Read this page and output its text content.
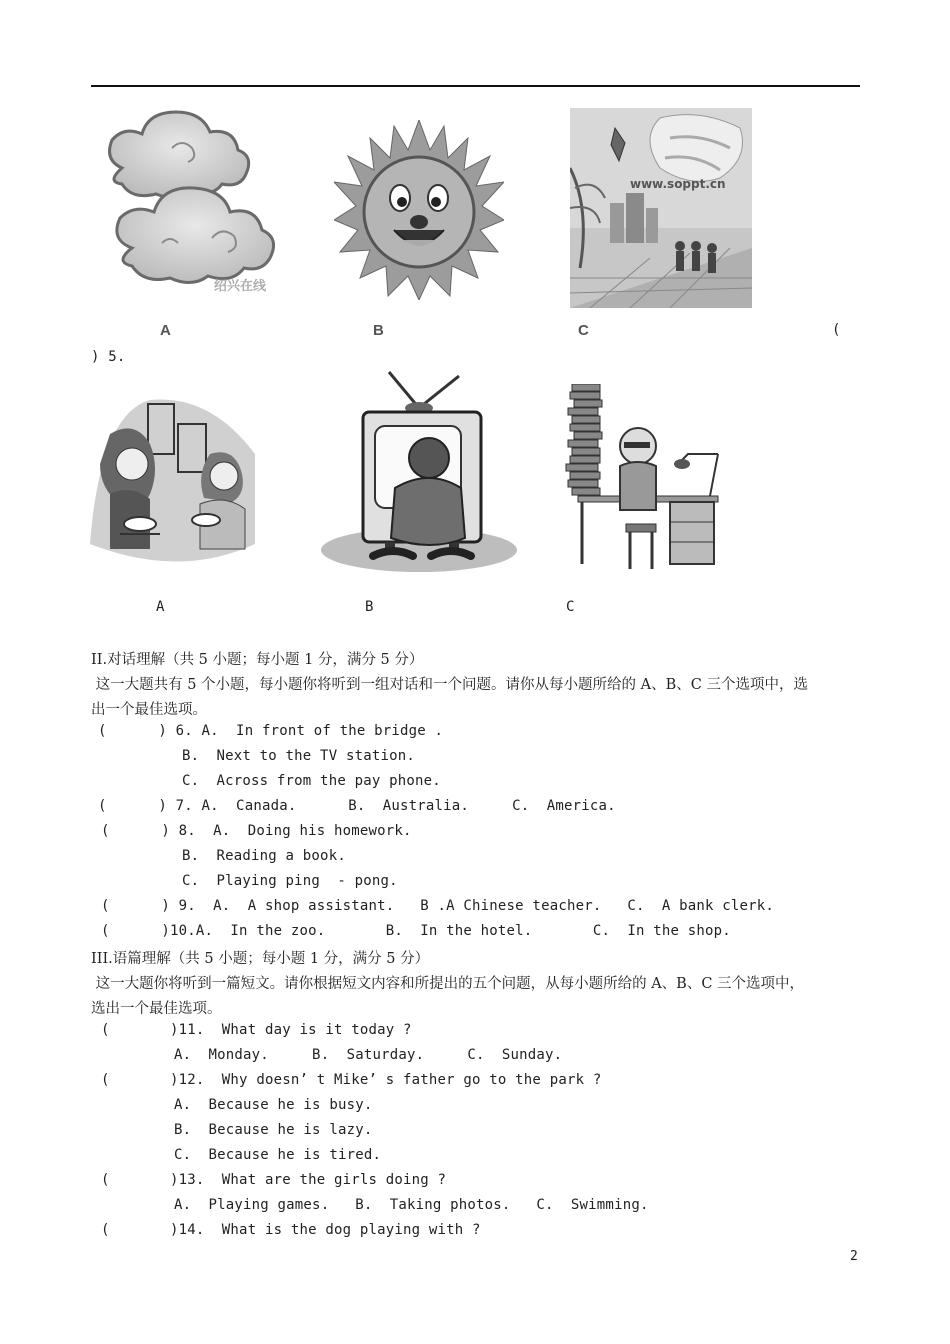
绍兴在线
www.soppt.cn
A	B	C	(
) 5.
A	B	C
II.对话理解（共 5 小题；每小题 1 分，满分 5 分）
这一大题共有 5 个小题，每小题你将听到一组对话和一个问题。请你从每小题所给的 A、B、C 三个选项中，选
出一个最佳选项。
(      ) 6. A.  In front of the bridge .
B.  Next to the TV station.
C.  Across from the pay phone.
(      ) 7. A.  Canada.      B.  Australia.     C.  America.
(      ) 8.  A.  Doing his homework.
B.  Reading a book.
C.  Playing ping  - pong.
(      ) 9.  A.  A shop assistant.   B .A Chinese teacher.   C.  A bank clerk.
(      )10.A.  In the zoo.       B.  In the hotel.       C.  In the shop.
III.语篇理解（共 5 小题；每小题 1 分，满分 5 分）
这一大题你将听到一篇短文。请你根据短文内容和所提出的五个问题，从每小题所给的 A、B、C 三个选项中，
选出一个最佳选项。
(       )11.  What day is it today ?
A.  Monday.     B.  Saturday.     C.  Sunday.
(       )12.  Why doesn’ t Mike’ s father go to the park ?
A.  Because he is busy.
B.  Because he is lazy.
C.  Because he is tired.
(       )13.  What are the girls doing ?
A.  Playing games.   B.  Taking photos.   C.  Swimming.
(       )14.  What is the dog playing with ?
2
